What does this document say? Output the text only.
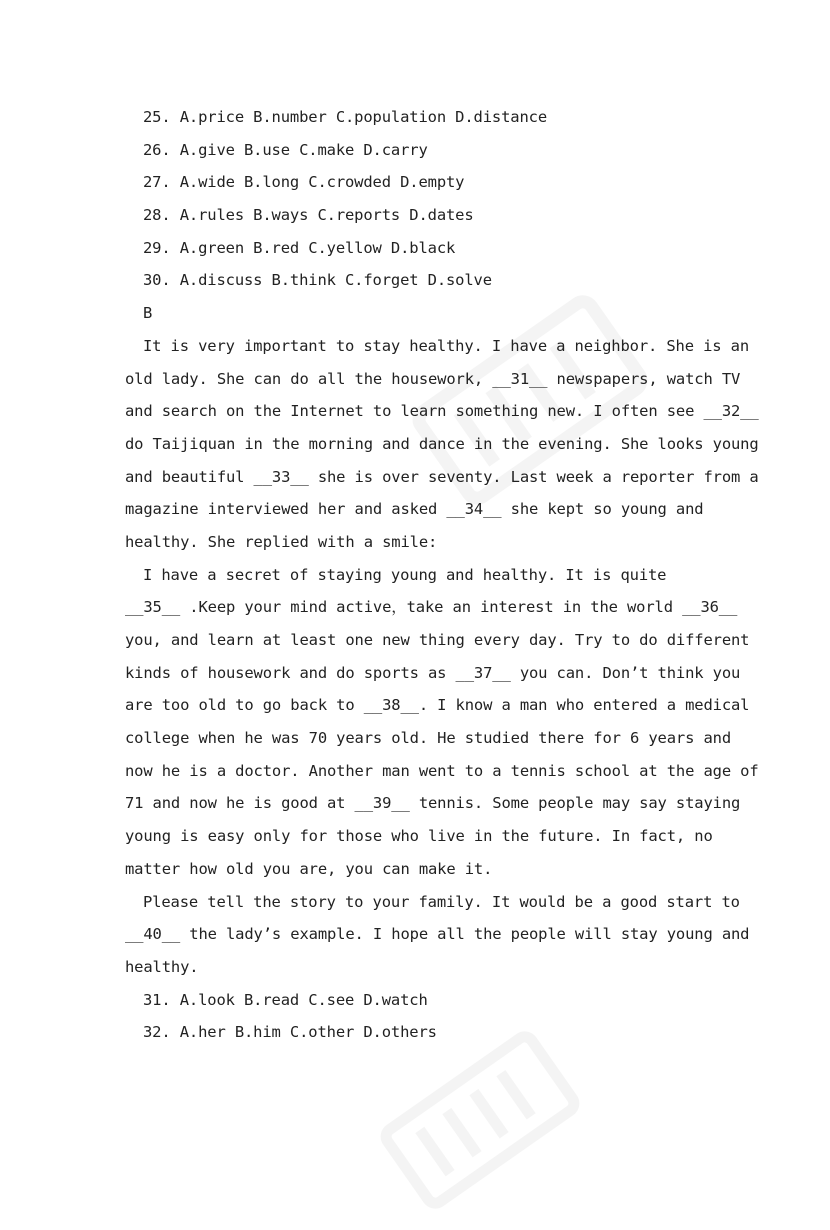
25. A.price B.number C.population D.distance
26. A.give B.use C.make D.carry
27. A.wide B.long C.crowded D.empty
28. A.rules B.ways C.reports D.dates
29. A.green B.red C.yellow D.black
30. A.discuss B.think C.forget D.solve
B
It is very important to stay healthy. I have a neighbor. She is an
old lady. She can do all the housework, __31__ newspapers, watch TV
and search on the Internet to learn something new. I often see __32__
do Taijiquan in the morning and dance in the evening. She looks young
and beautiful __33__ she is over seventy. Last week a reporter from a
magazine interviewed her and asked __34__ she kept so young and
healthy. She replied with a smile:
I have a secret of staying young and healthy. It is quite
__35__ .Keep your mind active，take an interest in the world __36__
you, and learn at least one new thing every day. Try to do different
kinds of housework and do sports as __37__ you can. Don’t think you
are too old to go back to __38__. I know a man who entered a medical
college when he was 70 years old. He studied there for 6 years and
now he is a doctor. Another man went to a tennis school at the age of
71 and now he is good at __39__ tennis. Some people may say staying
young is easy only for those who live in the future. In fact, no
matter how old you are, you can make it.
Please tell the story to your family. It would be a good start to
__40__ the lady’s example. I hope all the people will stay young and
healthy.
31. A.look B.read C.see D.watch
32. A.her B.him C.other D.others
